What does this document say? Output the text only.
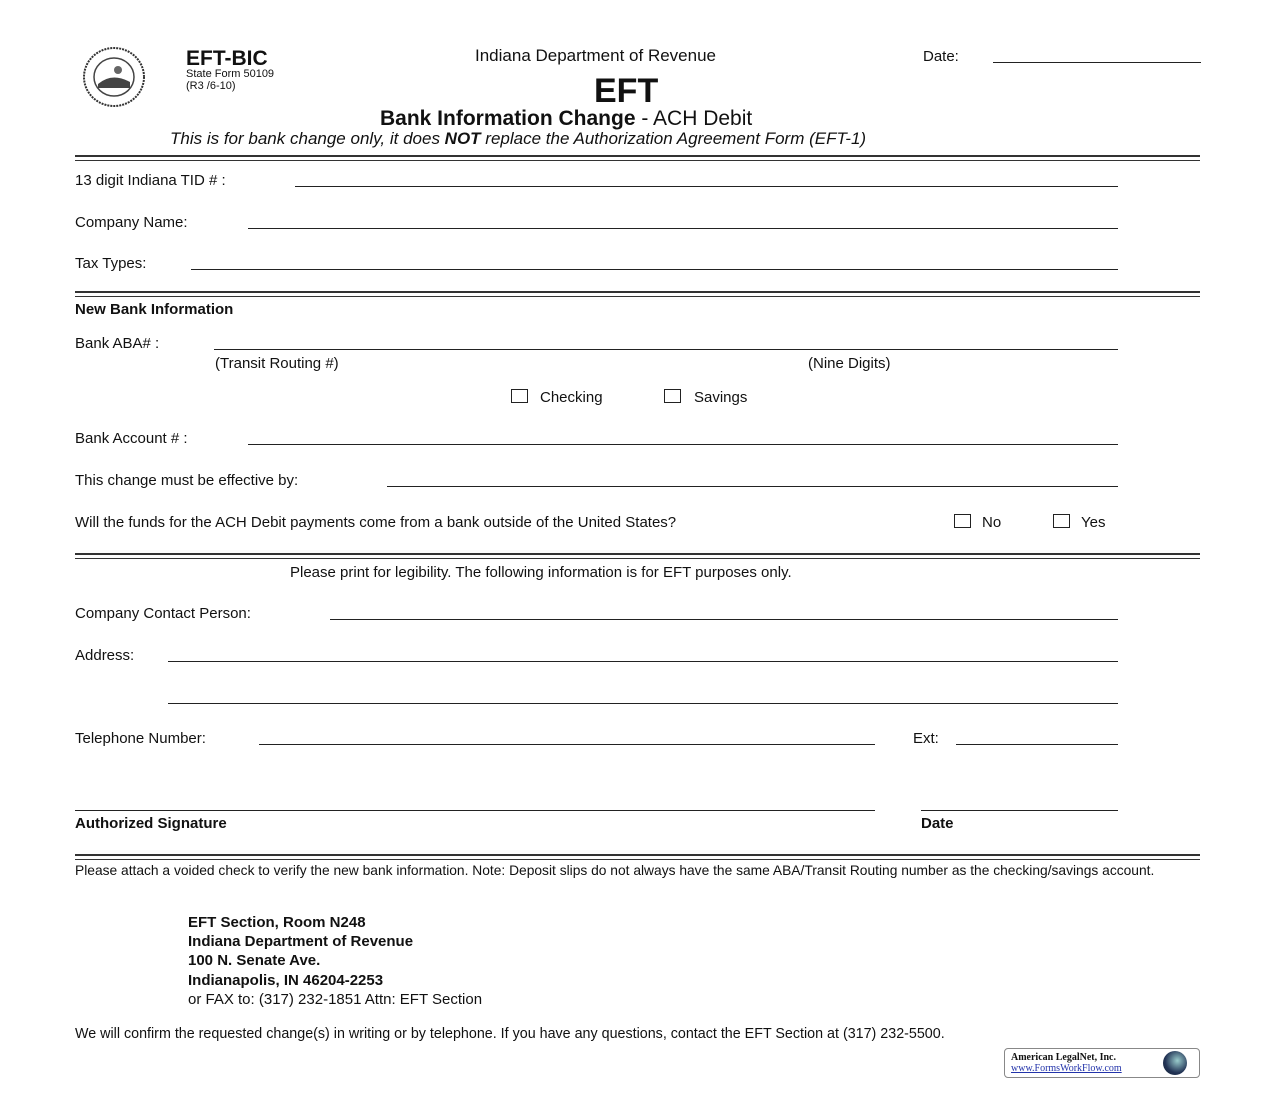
EFT-BIC
State Form 50109
(R3 /6-10)
Indiana Department of Revenue	Date:
EFT
Bank Information Change - ACH Debit
This is for bank change only, it does NOT replace the Authorization Agreement Form (EFT-1)
13 digit Indiana TID # :
Company Name:
Tax Types:
New Bank Information
Bank ABA# :
(Transit Routing #)	(Nine Digits)
Checking	Savings
Bank Account # :
This change must be effective by:
Will the funds for the ACH Debit payments come from a bank outside of the United States?	No	Yes
Please print for legibility. The following information is for EFT purposes only.
Company Contact Person:
Address:
Telephone Number:	Ext:
Authorized Signature	Date
Please attach a voided check to verify the new bank information. Note: Deposit slips do not always have the same ABA/Transit Routing number as the checking/savings account.
EFT Section, Room N248
Indiana Department of Revenue
100 N. Senate Ave.
Indianapolis, IN 46204-2253
or FAX to: (317) 232-1851 Attn: EFT Section
We will confirm the requested change(s) in writing or by telephone. If you have any questions, contact the EFT Section at (317) 232-5500.
American LegalNet, Inc.
www.FormsWorkFlow.com
